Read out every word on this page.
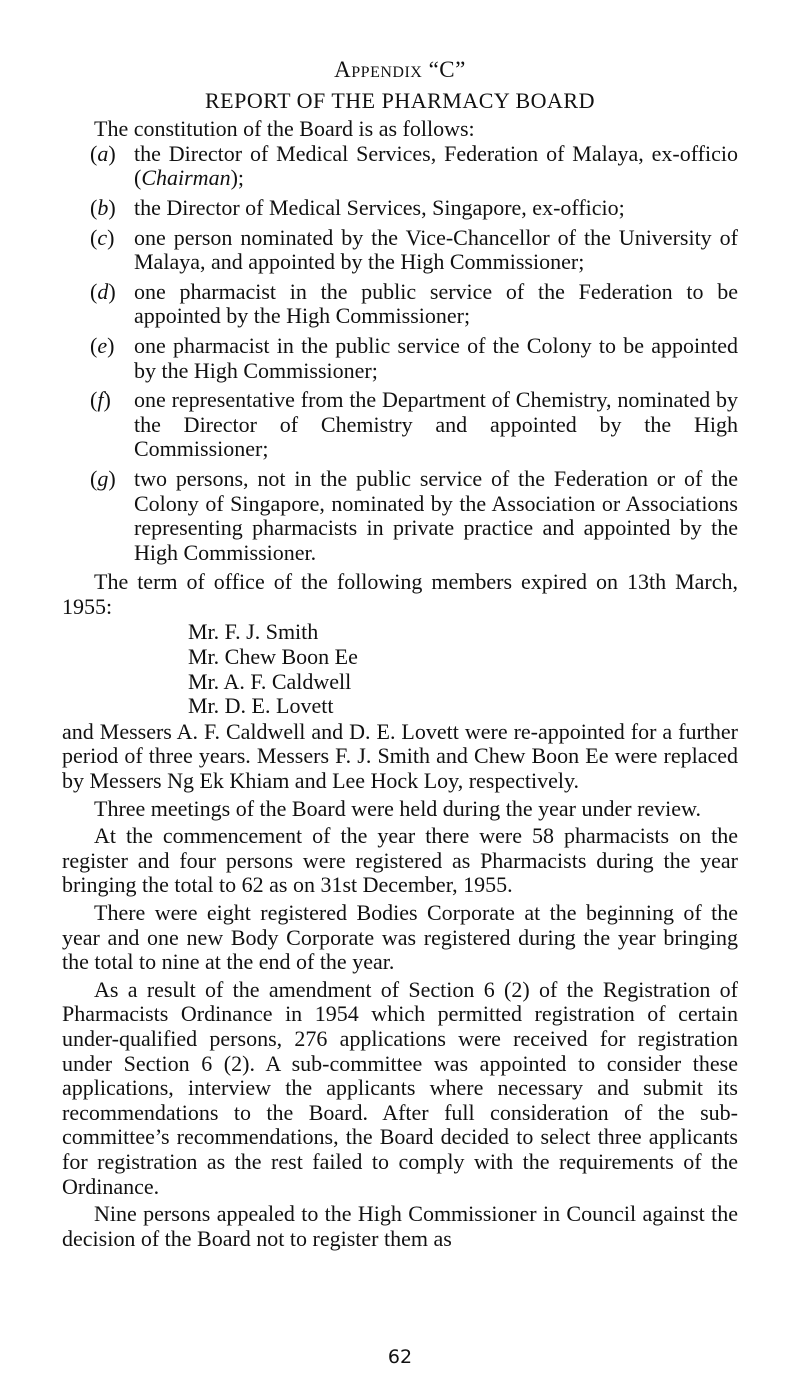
Appendix “C”
REPORT OF THE PHARMACY BOARD

The constitution of the Board is as follows:

(a) the Director of Medical Services, Federation of Malaya, ex-officio (Chairman);
(b) the Director of Medical Services, Singapore, ex-officio;
(c) one person nominated by the Vice-Chancellor of the University of Malaya, and appointed by the High Commissioner;
(d) one pharmacist in the public service of the Federation to be appointed by the High Commissioner;
(e) one pharmacist in the public service of the Colony to be appointed by the High Commissioner;
(f) one representative from the Department of Chemistry, nominated by the Director of Chemistry and appointed by the High Commissioner;
(g) two persons, not in the public service of the Federation or of the Colony of Singapore, nominated by the Association or Associations representing pharmacists in private practice and appointed by the High Commissioner.

The term of office of the following members expired on 13th March, 1955:

Mr. F. J. Smith
Mr. Chew Boon Ee
Mr. A. F. Caldwell
Mr. D. E. Lovett

and Messers A. F. Caldwell and D. E. Lovett were re-appointed for a further period of three years. Messers F. J. Smith and Chew Boon Ee were replaced by Messers Ng Ek Khiam and Lee Hock Loy, respectively.

Three meetings of the Board were held during the year under review.

At the commencement of the year there were 58 pharmacists on the register and four persons were registered as Pharmacists during the year bringing the total to 62 as on 31st December, 1955.

There were eight registered Bodies Corporate at the beginning of the year and one new Body Corporate was registered during the year bringing the total to nine at the end of the year.

As a result of the amendment of Section 6 (2) of the Registration of Pharmacists Ordinance in 1954 which permitted registration of certain under-qualified persons, 276 applications were received for registration under Section 6 (2). A sub-committee was appointed to consider these applications, interview the applicants where necessary and submit its recommendations to the Board. After full consideration of the sub-committee’s recommendations, the Board decided to select three applicants for registration as the rest failed to comply with the requirements of the Ordinance.

Nine persons appealed to the High Commissioner in Council against the decision of the Board not to register them as

62
